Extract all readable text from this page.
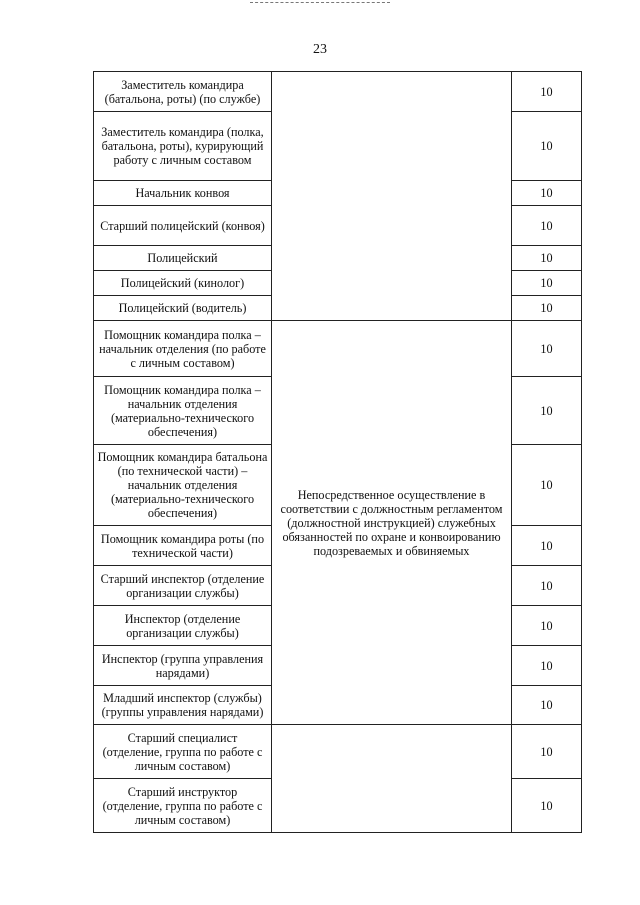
23
Заместитель командира (батальона, роты) (по службе)		10
Заместитель командира (полка, батальона, роты), курирующий работу с личным составом		10
Начальник конвоя		10
Старший полицейский (конвоя)		10
Полицейский		10
Полицейский (кинолог)		10
Полицейский (водитель)		10
Помощник командира полка – начальник отделения (по работе с личным составом)	Непосредственное осуществление в соответствии с должностным регламентом (должностной инструкцией) служебных обязанностей по охране и конвоированию подозреваемых и обвиняемых	10
Помощник командира полка – начальник отделения (материально-технического обеспечения)		10
Помощник командира батальона (по технической части) – начальник отделения (материально-технического обеспечения)		10
Помощник командира роты (по технической части)		10
Старший инспектор (отделение организации службы)		10
Инспектор (отделение организации службы)		10
Инспектор (группа управления нарядами)		10
Младший инспектор (службы) (группы управления нарядами)		10
Старший специалист (отделение, группа по работе с личным составом)		10
Старший инструктор (отделение, группа по работе с личным составом)		10
